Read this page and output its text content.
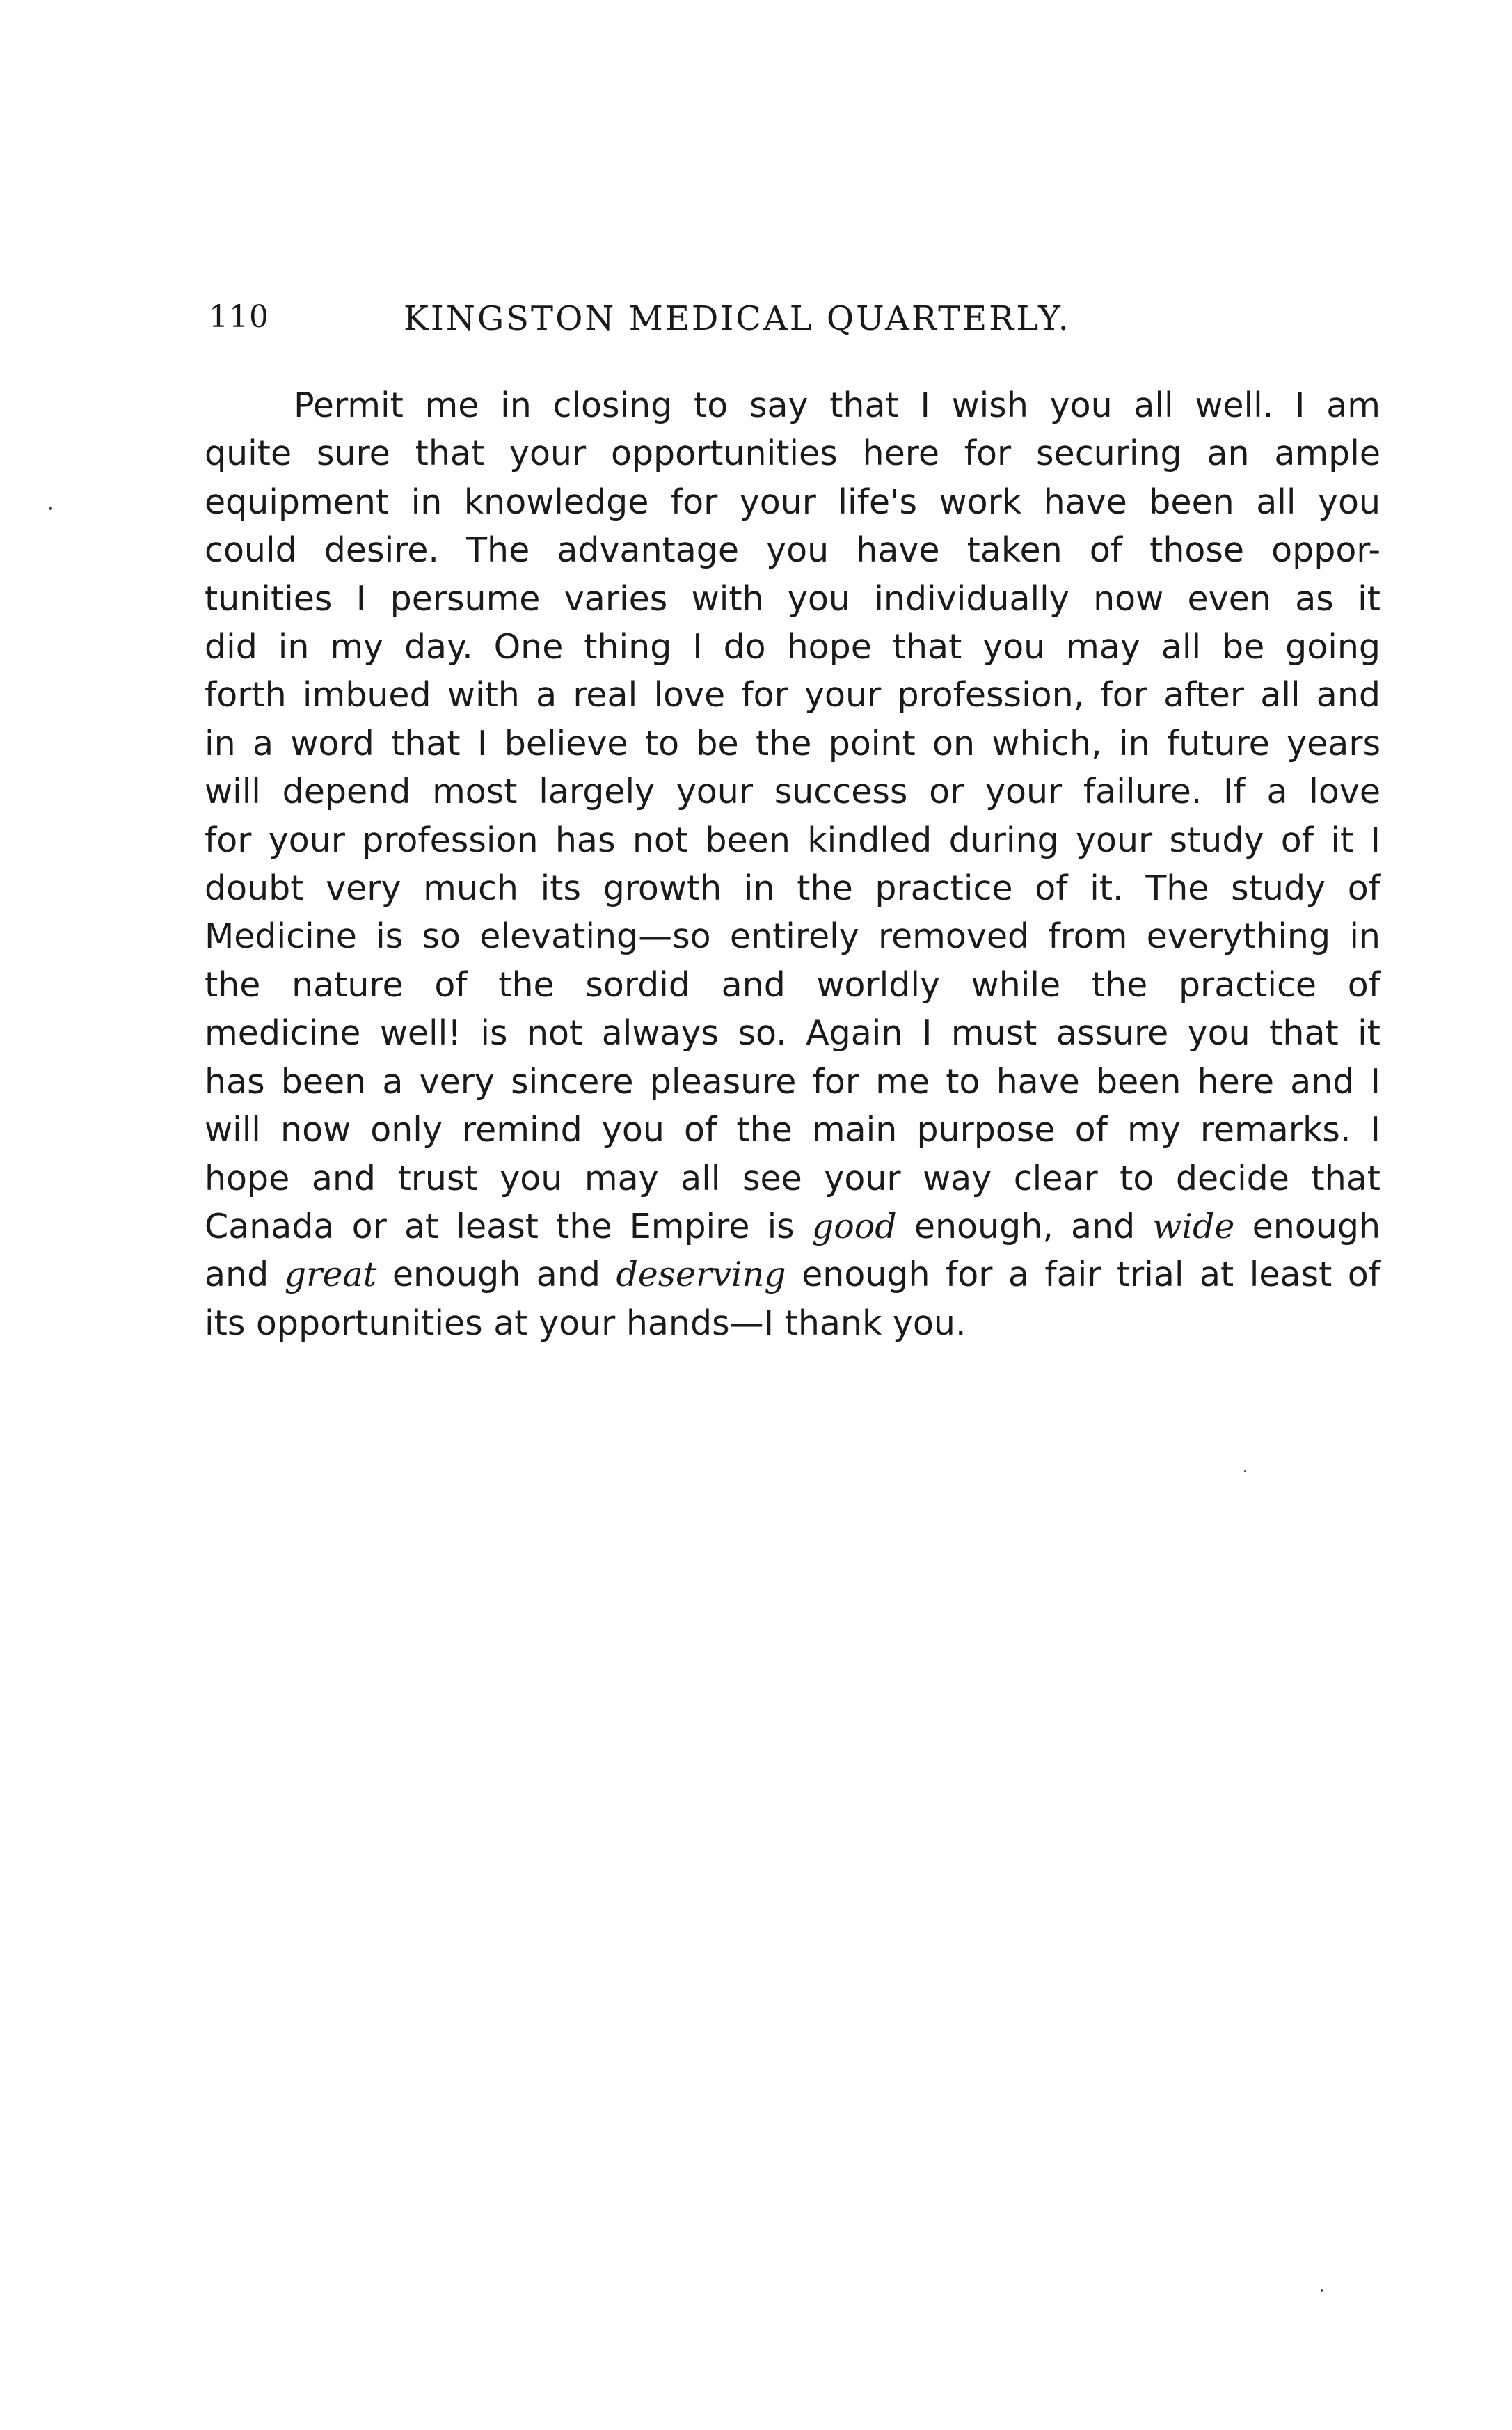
110	KINGSTON MEDICAL QUARTERLY.
Permit me in closing to say that I wish you all well. I am
quite sure that your opportunities here for securing an ample
equipment in knowledge for your life's work have been all you
could desire. The advantage you have taken of those oppor-
tunities I persume varies with you individually now even as it
did in my day. One thing I do hope that you may all be going
forth imbued with a real love for your profession, for after all and
in a word that I believe to be the point on which, in future years
will depend most largely your success or your failure. If a love
for your profession has not been kindled during your study of it I
doubt very much its growth in the practice of it. The study of
Medicine is so elevating—so entirely removed from everything in
the nature of the sordid and worldly while the practice of
medicine well! is not always so. Again I must assure you that it
has been a very sincere pleasure for me to have been here and I
will now only remind you of the main purpose of my remarks. I
hope and trust you may all see your way clear to decide that
Canada or at least the Empire is good enough, and wide enough
and great enough and deserving enough for a fair trial at least of
its opportunities at your hands—I thank you.
